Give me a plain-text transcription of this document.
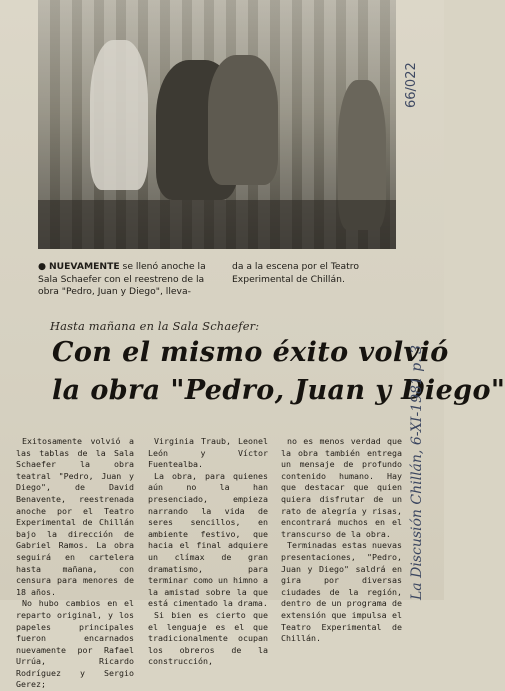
● NUEVAMENTE se llenó anoche la Sala Schaefer con el reestreno de la obra "Pedro, Juan y Diego", lleva-
da a la escena por el Teatro Experimental de Chillán.
Hasta mañana en la Sala Schaefer:
Con el mismo éxito volvió
la obra "Pedro, Juan y Diego"

Exitosamente volvió a las tablas de la Sala Schaefer la obra teatral "Pedro, Juan y Diego", de David Benavente, reestrenada anoche por el Teatro Experimental de Chillán bajo la dirección de Gabriel Ramos. La obra seguirá en cartelera hasta mañana, con censura para menores de 18 años.

No hubo cambios en el reparto original, y los papeles principales fueron encarnados nuevamente por Rafael Urrúa, Ricardo Rodríguez y Sergio Gerez;

Virginia Traub, Leonel León y Víctor Fuentealba.

La obra, para quienes aún no la han presenciado, empieza narrando la vida de seres sencillos, en ambiente festivo, que hacia el final adquiere un clímax de gran dramatismo, para terminar como un himno a la amistad sobre la que está cimentado la drama.

Si bien es cierto que el lenguaje es el que tradicionalmente ocupan los obreros de la construcción,

no es menos verdad que la obra también entrega un mensaje de profundo contenido humano. Hay que destacar que quien quiera disfrutar de un rato de alegría y risas, encontrará muchos en el transcurso de la obra.

Terminadas estas nuevas presentaciones, "Pedro, Juan y Diego" saldrá en gira por diversas ciudades de la región, dentro de un programa de extensión que impulsa el Teatro Experimental de Chillán.

66/022
La Discusión Chillán, 6-XI-1981 p. 3
